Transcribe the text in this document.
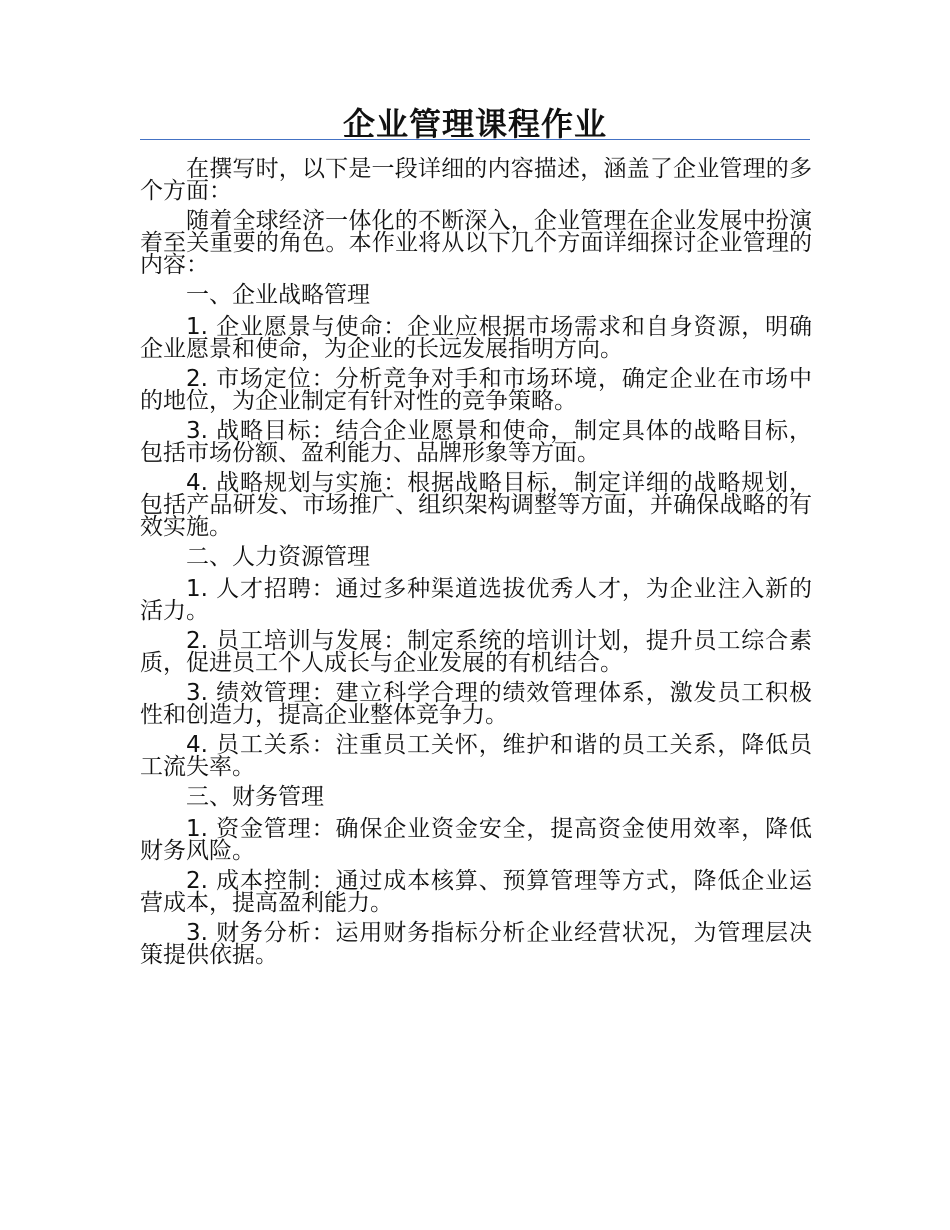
企业管理课程作业

在撰写时，以下是一段详细的内容描述，涵盖了企业管理的多个方面：

随着全球经济一体化的不断深入，企业管理在企业发展中扮演着至关重要的角色。本作业将从以下几个方面详细探讨企业管理的内容：

一、企业战略管理

1. 企业愿景与使命：企业应根据市场需求和自身资源，明确企业愿景和使命，为企业的长远发展指明方向。

2. 市场定位：分析竞争对手和市场环境，确定企业在市场中的地位，为企业制定有针对性的竞争策略。

3. 战略目标：结合企业愿景和使命，制定具体的战略目标，包括市场份额、盈利能力、品牌形象等方面。

4. 战略规划与实施：根据战略目标，制定详细的战略规划，包括产品研发、市场推广、组织架构调整等方面，并确保战略的有效实施。

二、人力资源管理

1. 人才招聘：通过多种渠道选拔优秀人才，为企业注入新的活力。

2. 员工培训与发展：制定系统的培训计划，提升员工综合素质，促进员工个人成长与企业发展的有机结合。

3. 绩效管理：建立科学合理的绩效管理体系，激发员工积极性和创造力，提高企业整体竞争力。

4. 员工关系：注重员工关怀，维护和谐的员工关系，降低员工流失率。

三、财务管理

1. 资金管理：确保企业资金安全，提高资金使用效率，降低财务风险。

2. 成本控制：通过成本核算、预算管理等方式，降低企业运营成本，提高盈利能力。

3. 财务分析：运用财务指标分析企业经营状况，为管理层决策提供依据。
